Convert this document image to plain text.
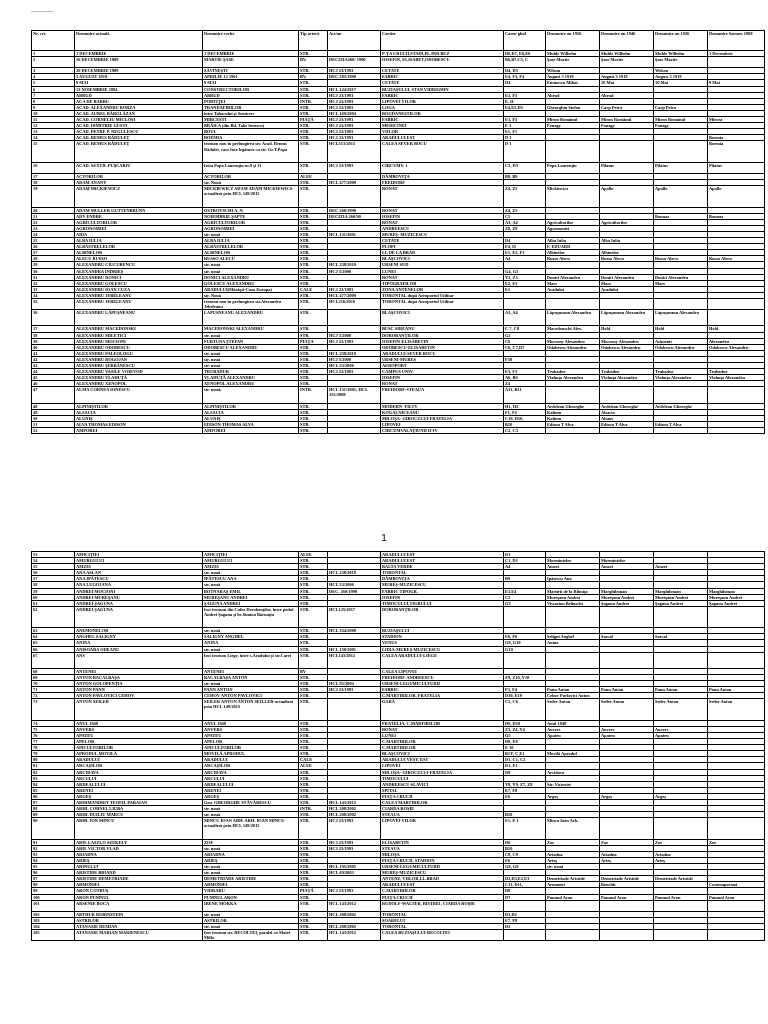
Nr. crt.	Denumire actuală	Denumire veche	Tip arteră	Act/an	Cartier	Careu ghid	Denumire an 1956	Denumire an 1946	Denumire an 1936	Denumire Sarmes 1908
1	1 DECEMBRIE	1 DECEMBRIE	STR.		P-ŢA CRUCII,STADI,PL.IND.BUZ	D6,D7, E6,E6	Muhle Wilhelm	Muhle Wilhelm	Muhle Wilhelm	1 Decembrie
2	16 DECEMBRIE 1989	MARTIE ŞASE	BV.	DECIZIA260/ 1990	IOSEFIN, ELISABET,ODOBESCU	B6,B7,C5, C	Şase Martie	Şase Martie	Şase Martie	
3	20 DECEMBRIE 1989	SĂVINEŞTI	STR.	HCJ 23/1993	CETATE	D4, D5	Wilson		Wilson	
4	3 AUGUST 1919	APRILIE 12 1961	BV.	DEC.385/1990	FABRIC	E4, F3, F4	August 3 1919	August 3 1919	August 3 1919	
5	9 MAI	9 MAI	STR.		CETATE	D4	Eminescu Mihai	10 Mai	10 Mai	9 Mai
6	12 NOIEMBRIE 1884	CONSTRUCTORILOR	STR.	HCL 124/2017	BUZIAŞULUI, STAN VIDRIGHIN					
7	ABRUD	ABRUD	STR.	HCJ 23/1993	FABRIC	E3, F3	Abrud	Abrud		
8	ACA DE BARBU	PORTIŢEI	INTR.	HCJ 23/1993	LIPOVEI VILOR	E. II				
9	ACAD. ALEXANDRU BORZA	TRANDAFIRILOR	STR.	HCJ 23/1993	LOGA	E4,E5,D5	Gheorghiu Stefan	Carp Petra	Carp Petra	
10	ACAD. AUREL BĂRGLĂZAN	între Tabacului şi Semicerc	STR.	HCL 169/2004	BOGDANEŞTILOR					
11	ACAD. CORNELIU MICLOŞI	MIRCEŞTI	PIAŢĂ	HCJ 23/1993	FABRIC	E3, F3	Miron Romănul	Miron Romănul	Miron Romănul	Mircea
12	ACAD. DIMITRIE GUSTI	BRĂILA (din Bd. Take Ionescu)	STR.	HCJ 23/1993	MEDICINEI	E 3	Fonagy	Fonagy	Fonagy	
13	ACAD. PETRE P. NEGULESCU	BOUL	STR.	HCJ 23/1993	VIILOR	E1, F1				
14	ACAD. REMUS RĂDULEŢ	BOEMIA	STR.	HCJ 23/1993	ARADULUI EST	D 1				Boemia
15	ACAD. REMUS RĂDULEŢ	tronson nou în prelungirea str. Acad. Remus Rădulet, care face legătura cu str. Gr.T.Popa	STR.	HCL513/2015	CALEA SEVER BOCU	D 1				Boemia
16	ACAD. SEXTIL PUŞCARIU	fosta Popa Laurenţiu nr.9 şi 11	STR.	HCJ 23/1993	CIRCUMV. 1	C3, D3	Popa Laurenţiu	Pilatus	Pilatus	Pilatus
17	ACTORILOR	ACTORILOR	ALEE		DÂMBOVIŢA	B8, B9				
18	ADAM ANANY	str. Nouă	STR.	HCL 477/2009	FREIDORF					
19	ADAM MICKIEWICZ	MICKIEWICZ ADAM ADAM MICKIEWICS-actualizat prin HCL 149/2015	STR.		RONAT	Z4, Z5	Mickiewicz	Apollo	Apollo	Apollo
20	ADAM MULLER GUTTENBRUNN	OSTROVSCHI A. N.	STR.	DEC 260/1990	RONAT	Z4, Z5				
21	ADY ENDRE	NOIEMBRIE ŞAPTE	STR.	DECIZIA 260/90	IOSEFIN	C5			Bonnaz	Bonnaz
22	AGRICULTORILOR	AGRICULTORILOR	STR.		RONAT	A3, A4	Agricultorilor	Agricultorilor		
23	AGRONOMIEI	AGRONOMIEI	STR.		ANDREESCU	Z8, Z9	Agronomiei			
24	AIDA	str. nouă	STR.	HCL 151/2001	MUREŞ- MUZICESCU					
25	ALBA IULIA	ALBA IULIA	STR.		CETATE	D4	Alba Iulia	Alba Iulia		
26	ALBĂSTRELELOR	ALBĂSTRELELOR	STR.		PLOPI	F4, I5	F. EDUARD			
27	ALBINELOR	ALBINELOR	STR.		LL DE LA BRAD	E1, E2, F1	Albinelor	Albinelor		
28	ALECU RUSSO	RUSSO ALECU	STR.		BLAŞCOVICI	A4	Russo Alecu	Russo Alecu	Russo Alecu	Russo Alecu
29	ALEXANDRU CIUCURENCU	str. nouă	STR.	HCL 238/2019	URSENI SUD					
30	ALEXANDRA INDRIEŞ	str. nouă	STR.	HCJ 5/2000	LUNEI	G4, G5				
31	ALEXANDRU DONICI	DONICI ALEXANDRU	STR.		RONAT	Y3, Z3	Donici Alexandru	Donici Alexandru	Donici Alexandru	
32	ALEXANDRU GOLESCU	GOLESCU ALEXANDRU	STR.		TIPOGRAFILOR	E2, E3	Mars	Mars	Mars	
33	ALEXANDRU IOAN CUZA	ARADULUI(Mărăşti-Cuza Europa)	CALE	HCJ 23/1993	ZONA ANTENELOR	E1	Aradului	Aradului		
34	ALEXANDRU JEBELEANU	str. Nouă	STR.	HCL 477/2009	TORONTAL după Aeroportul Utilitar					
35	ALEXANDRU JEBELEANU	tronson nou în prelungirea str.Alexandru Jebeleanu	STR.	HCL216/2016	TORONTAL după Aeroportul Utilitar					
36	ALEXANDRU LĂPUŞNEANU	LAPUSNEANU ALEXANDRU	STR.		BLAŞCOVICI	A3, A4	Lăpuşneanu Alexandru	Lăpuşneanu Alexandru	Lăpuşneanu Alexandru	
37	ALEXANDRU MACEDONSKI	MACEDONSKI ALEXANDRU	STR.		BUSC SIREANU	C 7, C8	Macedonschi Alex.	Hold	Hold	Hold
38	ALEXANDRU MILETICI	str. nouă	STR.	HCJ 5/2000	DOROBANŢILOR	G2				
39	ALEXANDRU MOCIONI	FURTUNA ŞTEFAN	PIAŢA	HCJ 23/1993	IOSEFIN-ELISABETIN	C6	Mocsony Alexandru	Mocsony Alexandru	Asimenit	Alexandru
40	ALEXANDRU ODOBESCU	ODOBESCU ALEXANDRU	STR.		ODOBESCU-ELISABETIN	C6, C7,D7	Odobescu Alexandru	Odobescu Alexandru	Odobescu Alexandru	Odobescu Alexandru
41	ALEXANDRU PALEOLOGU	str. nouă	STR.	HCL 238/2019	ARADULUI-SEVER BOCU					
42	ALEXANDRU ROGOJAN	str. nouă	STR.	HCJ 5/2000	URSENI-MUREŞ	F38				
43	ALEXANDRU ŞERBĂNESCU	str. nouă	STR.	HCL 53/2006	AEROPORT					
44	ALEXANDRU VASILE VOIEVOD	TRUBADUR	STR.	HCJ 23/1993	CAMPUS UNIV.	E3, F3	Trubadur	Trubadur	Trubadur	Trubadur
45	ALEXANDRU VLAHUŢĂ	VLAHUŢĂ ALEXANDRU	STR.		IOSEFIN	A6, B6	Vlahuţa Alexandru	Vlahuţa Alexandru	Vlahuţa Alexandru	Vlahuţa Alexandru
46	ALEXANDRU XENOPOL	XENOPOL ALEXANDRU	STR.		RONAT	Z4				
47	ALMA CORNEA IONESCU	str. nouă;	INTR.	HCL 151/2001; HCL 355/2008	FREIDORF-STEAUA	A11, B11				
48	ALPINIŞTILOR	ALPINIŞTILOR	STR.		MODERN- FILTY	H1, H2	Ardelean Gheorghe	Ardelean Gheorghe	Ardelean Gheorghe	
49	ALSACIA	ALSACIA	STR.		KOGĂLNICEANU	F1, F2	Kalium	Alsacia		
50	ALUNIŞ	ALUNIŞ	STR.		MILOŞA- GIROCULUI-FRATELIA	C10, D10,	Kalium	Alunis		
51	ALVA THOMAS EDISON	EDISON THOMAS ALVA	STR.		LIPOVEI	B10	Edison T Alva	Edison T Alva	Edison T Alva	
52	AMFOREI	AMFOREI	STR.		CIRCUMVALAŢIUNII II-IV	C2, C3				
1
53	AMICIŢIEI	AMICIŢIEI	ALEE		ARADULUI EST	D1				
54	AMURGULUI	AMURGULUI	STR.		ARADULUI EST	C1, D1	Mormintelor	Mormintelor		
55	AMZEI	AMZEI	STR.		BALTA VERDE	A4	Amzei	Amzei	Amzei	
56	ANA ASLAN	str. nouă	STR.	HCL 238/2019	TORONTAL					
57	ANA IPĂTESCU	IPĂTESCU ANA	STR.		DÂMBOVIŢA	B9	Ipătescu Ana			
58	ANA LUGOJANA	str. nouă	STR.	HCL 53/2006	MUREŞ-MUZICESCU					
59	ANDREI MOCIONI	BOTNARAŞ EMIL	STR.	DEC. 260/1990	FABRIC TIPOGR.	E3,E4	Martirii de la Ribniţa	Marghiloman	Marghiloman	Marghiloman
60	ANDREI MUREŞANU	MUREŞANU ANDREI	STR.		IOSEFIN	C5	Mureşanu Andrei	Mureşanu Andrei	Mureşanu Andrei	Mureşanu Andrei
61	ANDREI ŞAGUNA	ŞAGUNA ANDREI	STR.		TIMOCULUI,TIGRULUI	G3	Vissarion Belinschi	Şaguna Andrei	Şaguna Andrei	Şaguna Andrei
62	ANDREI ŞAGUNA	fost tronson din Calea Dorobanţilor, între podul Andrei Şaguna şi bv.Simion Bărnuţiu	STR.	HCL125/2017	DOROBANŢILOR					
63	ANEMONELOR	str. nouă	STR.	HCL 354/2008	BUZIAŞULUI					
64	ANGHEL SALIGNY	SALIGNY ANGHEL	STR.		STADION	E6, F6	Seligni Anghel	Sarcal	Sarcal	
65	ANINA	ANINA	STR.		VENUS	G9, G10	Anina			
66	ANISOARA ODEANU	str. nouă	STR.	HCL 150/2001	LIDIA-MUREŞ-MUZICESCU	G10				
67	ANS	fost tronson Liege, între s.Aradului şi str.Carei	STR.	HCL143/2012	CALEA ARADULUI-LIEGE					
68	ANTENEI	ANTENEI	BV		CALEA LIPOVEI					
69	ANTON BACALBAŞA	BACALBAŞA ANTON	STR.		FREIDORF-ANDREESCU	Z9, Z10, Y10				
70	ANTON GOLOPENŢIA	str. nouă	STR.	HCL 95/2004	URSENI-LEGUMICULTURII					
71	ANTON PANN	PANN ANTON	STR.	HCJ 23/1993	FABRIC	F3, F4	Pann Anton	Pann Anton	Pann Anton	Pann Anton
72	ANTON PAVLOVICI CEHOV	CEHOV ANTON PAVLOVICI	STR.		C.MARTIRILOR, FRATELIA	D10, E10	Cehov Pavlovici Anton			
73	ANTON SEILER	SEILER ANTON ANTON SEILLER-actualizat prin HCL 149/2015	STR.		GARĂ	C5, C6	Seiler Anton	Seiler Anton	Seiler Anton	Seiler Anton
74	ANUL 1848	ANUL 1848	STR.		FRATELIA, C.MARTIRILOR	D9, D10	Anul 1848			
75	ANVERS	ANVERS	STR.		RONAT	Z3, Z4, Y4	Anvers	Anvers	Anvers	
76	APATEU	APATEU	STR.		LUNEI	G5	Apateu	Apateu	Apateu	
77	APELOR	APELOR	STR.		C.MARTIRILOR	D8, E8				
78	APICULTORILOR	APICULTORILOR	STR.		C.MARTIRILOR	E 10				
79	APRODUL MOVILĂ	MOVILĂ APRODUL	STR.		BLAŞCOVICI	B1Y, C E1	Movilă Aprodul			
80	ARADULUI	ARADULUI	CALE		ARADULUI VEST, EST	D1, C1, C2				
81	ARCAŞILOR	ARCAŞILOR	ALEE		LIPOVEI	D1, E1				
82	ARCIDAVA	ARCIDAVA	STR.		MILOŞA- GIROCULUI-FRATELIA	D9	Arcidava			
83	ARCULUI	ARCULUI	STR.		TIMOCULUI					
84	ARDEALULUI	ARDEALULUI	STR.		ANDREESCU-SLAVICI	Y8, Y9, Z7, Z8	Str. Victoriei			
85	ARENEI	ARENEI	STR.		SPITAL	E7, F8				
86	ARGEŞ	ARGEŞ	STR.		PIAŢA CRUCII	E6	Argeş	Argeş	Argeş	
87	ARHIMANDRIT TEOFIL PARAIAN	Gen. GHEORGHE STĂVĂRESCU	STR.	HCL 143/2012	CALEA MARTIRILOR					
88	ARHI. CORNEL LIUBA	str. nouă	INTR.	HCL 208/2002	CIARDA ROŞIE					
89	ARHI. DUILIU MARCU	str. nouă	STR.	HCL 208/2002	STEAUA	B10				
90	ARHI. ION MINCU	MINCU IOAN ARH. ARH. IOAN MINCU-actualizat prin HCL 149/2015	STR.	HCJ 23/1993	LIPOVEI VILOR	E1, E 1	Mincu Ioan Arh.			
91	ARH. LASZLO SZEKELY	ZOE	STR.	HCJ 23/1993	ELISABETIN	D6	Zoe	Zoe	Zoe	Zoe
92	ARH. VICTOR VLAD	str. nouă	STR.	HCJ 23/1993	STEAUA	B10				
93	ARIADNA	ARIADNA	STR.		MILOŞA	C8, C9	Ariadna	Ariadna	Ariadna	
94	ARIEŞ	ARIEŞ	STR.		PIAŢA CRUCII, STADION	E6	Arieş	Arieş	Arieş	
95	ARINULUI	str. nouă	STR.	HCL 195/2005	URSENI-LEGUMICULTURII	G8, G9	str. nouă			
96	ARISTIDE BRIAND	str. nouă	STR.	HCL 69/2003	MUREŞ-MUZICESCU					
97	ARISTIDE DEMETRIADE	DEMETRIADE ARISTIDE	STR.		ANTENE, VIILOR,LL.BRAD	D2,D3,E2,E3	Demetriade Aristide	Demetriade Aristide	Demetriade Aristide	
98	ARMONIEI	ARMONIEI	STR.		ARADULUI EST	C11, D11,	Armoniei	Bouchit		Contemporană
99	ARON COTRUŞ	VIDRARU	PIAŢĂ	HCJ 23/1993	C.MARTIRILOR	D8				
100	ARON PUMNUL	PUMNUL ARON	STR.		PIAŢA CRUCII	D7	Pumnul Aron	Pumnul Aron	Pumnul Aron	Pumnul Aron
101	ARSENIE BOCA	IRENE MOKKA	STR.	HCL 143/2012	RUDOLF-WALTER, BISTREI, CIARDA ROŞIE					
102	ARTHUR RUBINSTEIN	str. nouă	STR.	HCL 208/2002	TORONTAL	D1,D2				
103	ASTRILOR	ASTRILOR	STR.		SOARELUI	E7, F8				
104	ATANASIE DEMIAN	str. nouă	STR.	HCL 208/2002	TORONTAL	D2				
105	ATANASIE MARIAN MARIENESCU	fost tronson str. RECOLTEI, paralel cu Matei Millo	STR.	HCL 143/2012	CALEA BUZIAŞULUI-RECOLTEI					
